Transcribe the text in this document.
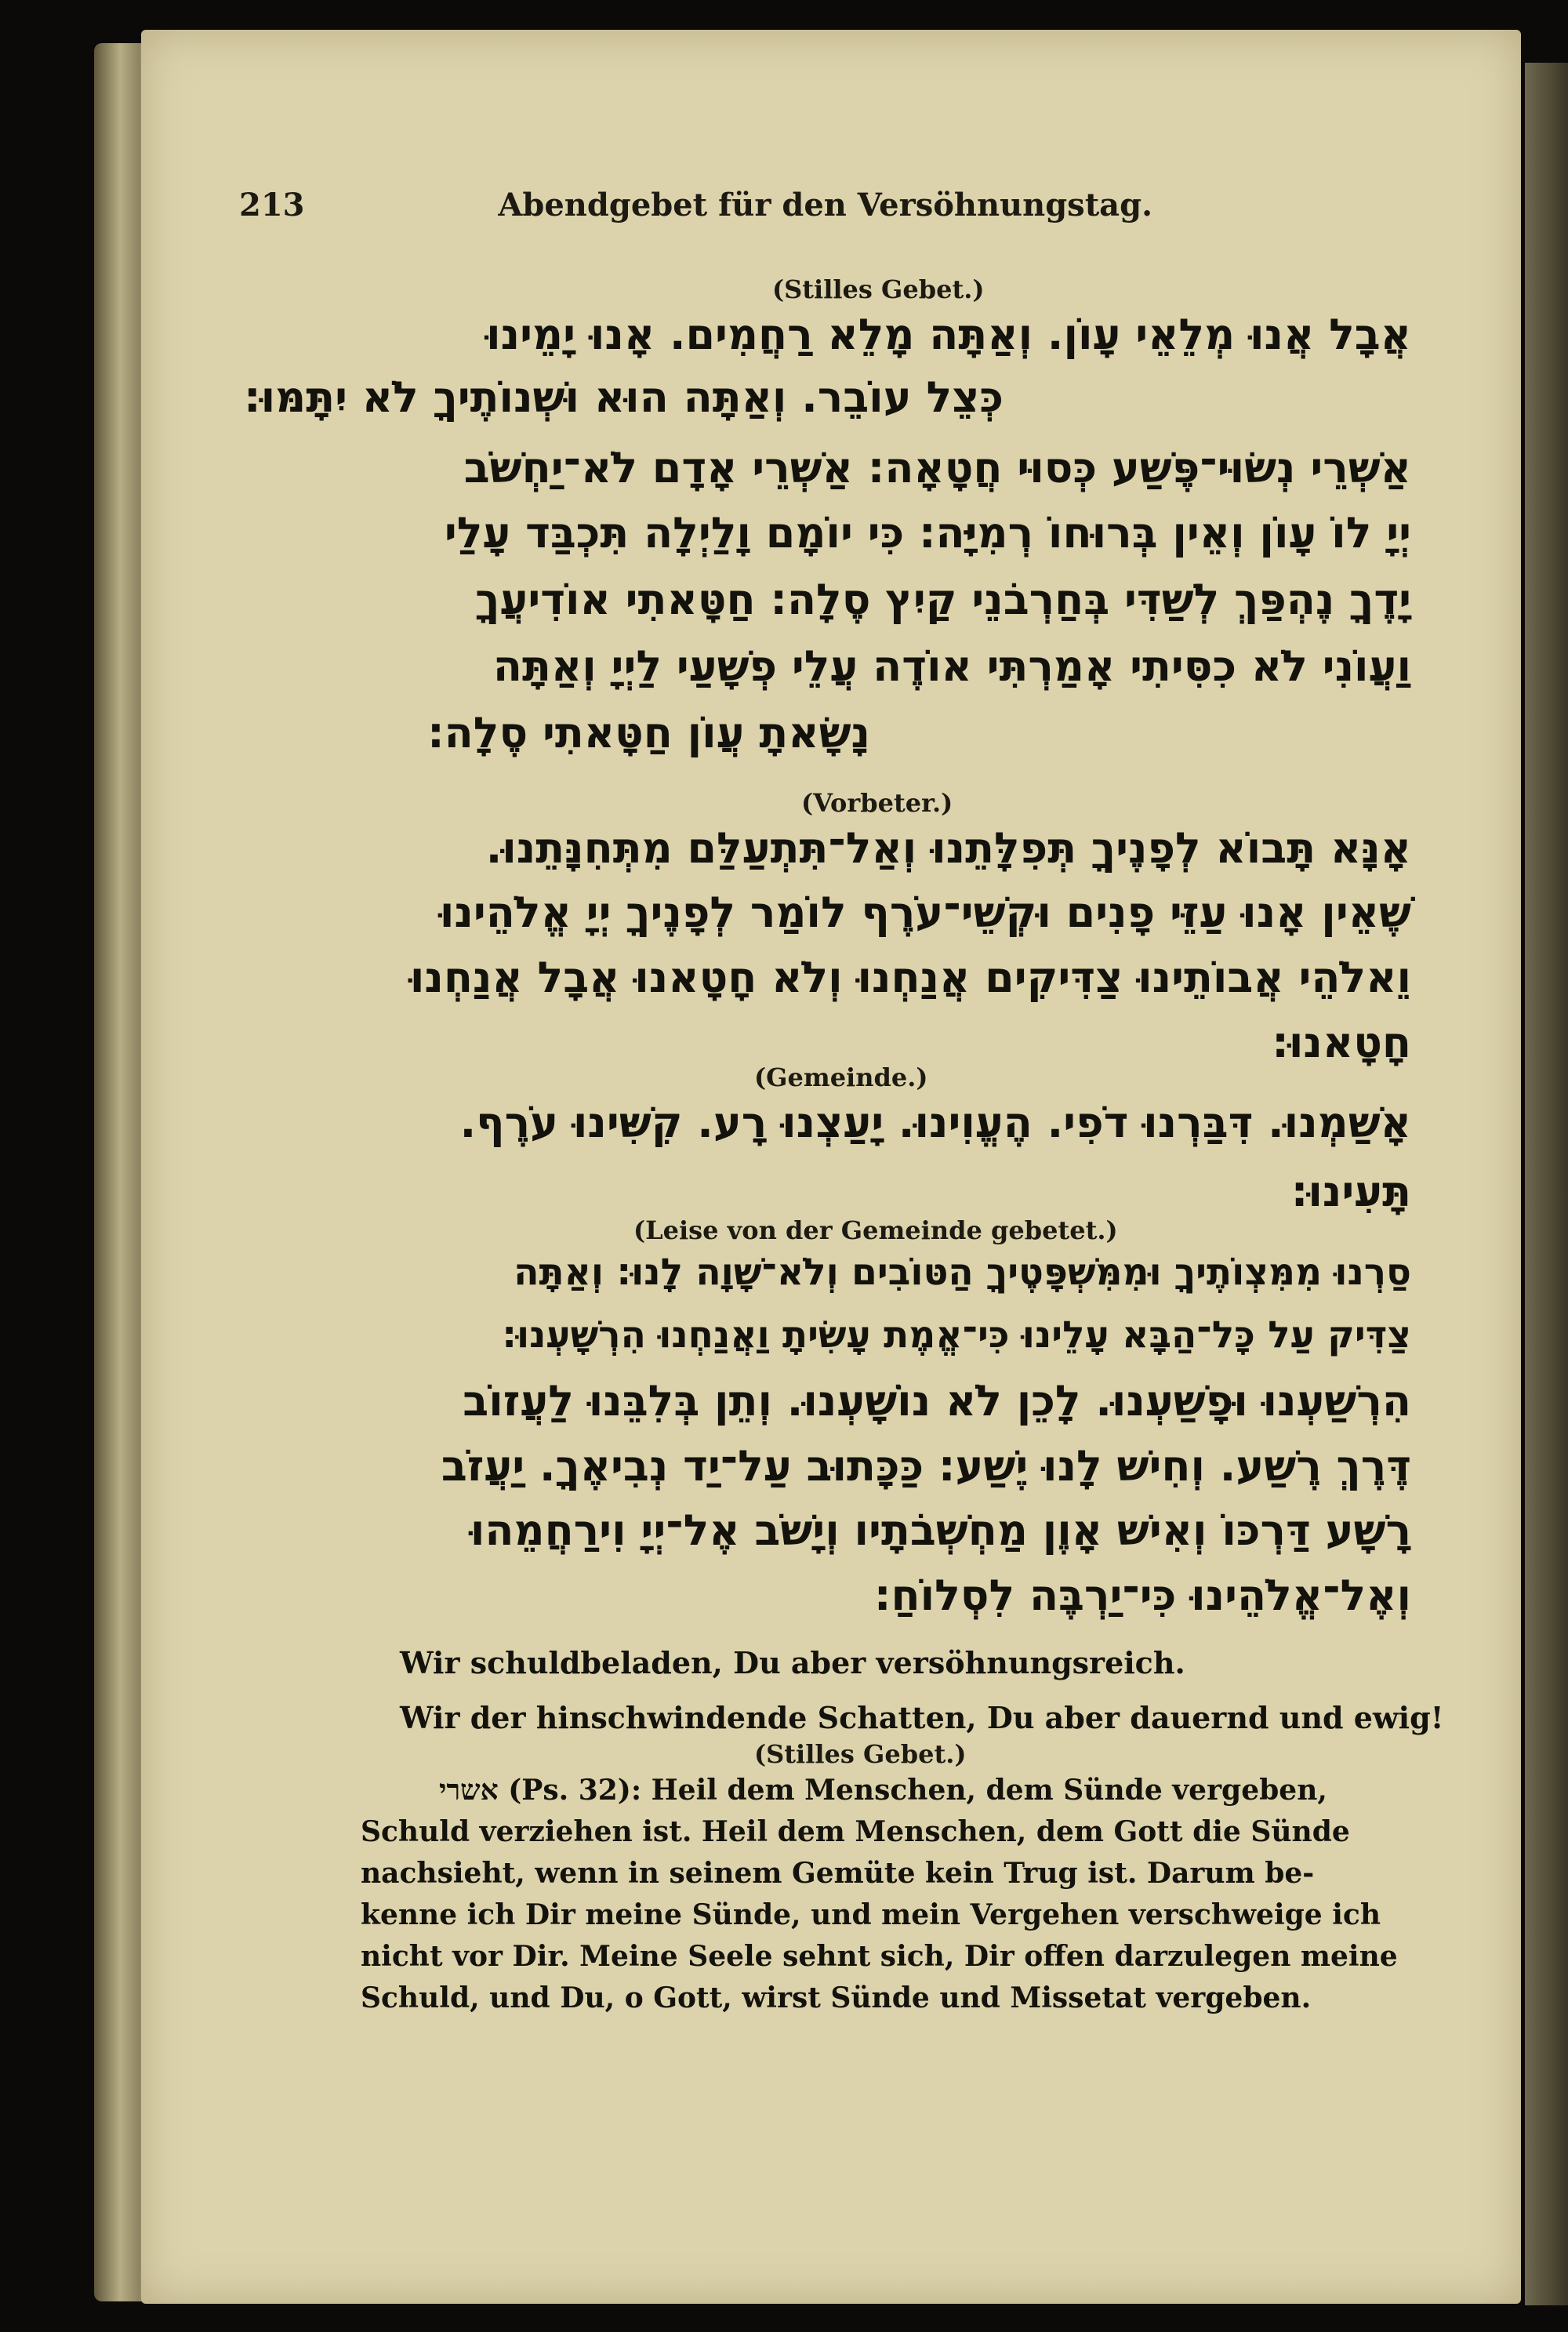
213	Abendgebet für den Versöhnungstag.
(Stilles Gebet.)
אֲבָל אֲנוּ מְלֵאֵי עָוֹן. וְאַתָּה מָלֵא רַחֲמִים. אָנוּ יָמֵינוּ
כְּצֵל עוֹבֵר. וְאַתָּה הוּא וּשְׁנוֹתֶיךָ לֹא יִתָּמּוּ:
אַשְׁרֵי נְשׂוּי־פֶּשַׁע כְּסוּי חֲטָאָה: אַשְׁרֵי אָדָם לֹא־יַחְשֹׁב
יְיָ לוֹ עָוֹן וְאֵין בְּרוּחוֹ רְמִיָּה: כִּי יוֹמָם וָלַיְלָה תִּכְבַּד עָלַי
יָדֶךָ נֶהְפַּךְ לְשַׁדִּי בְּחַרְבֹנֵי קַיִץ סֶלָה: חַטָּאתִי אוֹדִיעֲךָ
וַעֲוֹנִי לֹא כִסִּיתִי אָמַרְתִּי אוֹדֶה עֲלֵי פְשָׁעַי לַיְיָ וְאַתָּה
נָשָׂאתָ עֲוֹן חַטָּאתִי סֶלָה:
(Vorbeter.)
אָנָּא תָּבוֹא לְפָנֶיךָ תְּפִלָּתֵנוּ וְאַל־תִּתְעַלַּם מִתְּחִנָּתֵנוּ.
שֶׁאֵין אָנוּ עַזֵּי פָנִים וּקְשֵׁי־עֹרֶף לוֹמַר לְפָנֶיךָ יְיָ אֱלֹהֵינוּ
וֵאלֹהֵי אֲבוֹתֵינוּ צַדִּיקִים אֲנַחְנוּ וְלֹא חָטָאנוּ אֲבָל אֲנַחְנוּ
חָטָאנוּ:
(Gemeinde.)
אָשַׁמְנוּ. דִּבַּרְנוּ דֹפִי. הֶעֱוִינוּ. יָעַצְנוּ רָע. קִשִּׁינוּ עֹרֶף.
תָּעִינוּ:
(Leise von der Gemeinde gebetet.)
סַרְנוּ מִמִּצְוֹתֶיךָ וּמִמִּשְׁפָּטֶיךָ הַטּוֹבִים וְלֹא־שָׁוָה לָנוּ: וְאַתָּה
צַדִּיק עַל כָּל־הַבָּא עָלֵינוּ כִּי־אֱמֶת עָשִׂיתָ וַאֲנַחְנוּ הִרְשָׁעְנוּ:
הִרְשַׁעְנוּ וּפָשַׁעְנוּ. לָכֵן לֹא נוֹשָׁעְנוּ. וְתֵן בְּלִבֵּנוּ לַעֲזוֹב
דֶּרֶךְ רֶשַׁע. וְחִישׁ לָנוּ יֶשַׁע: כַּכָּתוּב עַל־יַד נְבִיאֶךָ. יַעֲזֹב
רָשָׁע דַּרְכּוֹ וְאִישׁ אָוֶן מַחְשְׁבֹתָיו וְיָשֹׁב אֶל־יְיָ וִירַחֲמֵהוּ
וְאֶל־אֱלֹהֵינוּ כִּי־יַרְבֶּה לִסְלוֹחַ:
Wir schuldbeladen, Du aber versöhnungsreich.
Wir der hinschwindende Schatten, Du aber dauernd und ewig!
(Stilles Gebet.)
אשרי (Ps. 32): Heil dem Menschen, dem Sünde vergeben,
Schuld verziehen ist. Heil dem Menschen, dem Gott die Sünde
nachsieht, wenn in seinem Gemüte kein Trug ist. Darum be-
kenne ich Dir meine Sünde, und mein Vergehen verschweige ich
nicht vor Dir. Meine Seele sehnt sich, Dir offen darzulegen meine
Schuld, und Du, o Gott, wirst Sünde und Missetat vergeben.
